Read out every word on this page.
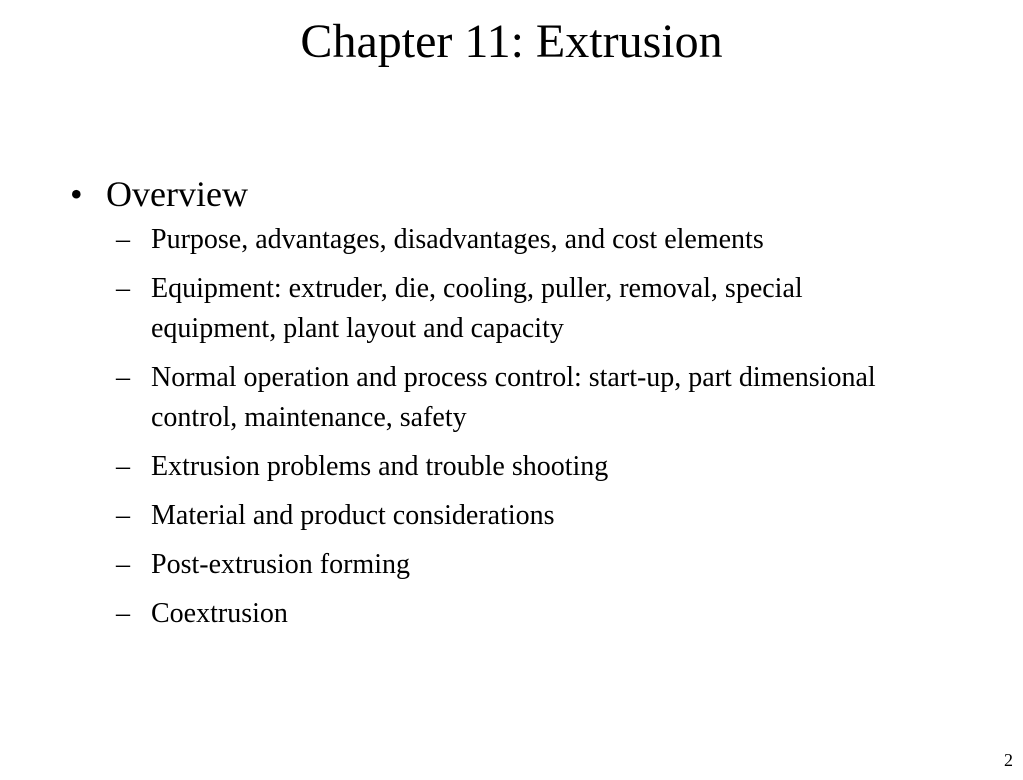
Chapter 11: Extrusion
• Overview
– Purpose, advantages, disadvantages, and cost elements
– Equipment: extruder, die, cooling, puller, removal, special equipment, plant layout and capacity
– Normal operation and process control: start-up, part dimensional control, maintenance, safety
– Extrusion problems and trouble shooting
– Material and product considerations
– Post-extrusion forming
– Coextrusion
2
